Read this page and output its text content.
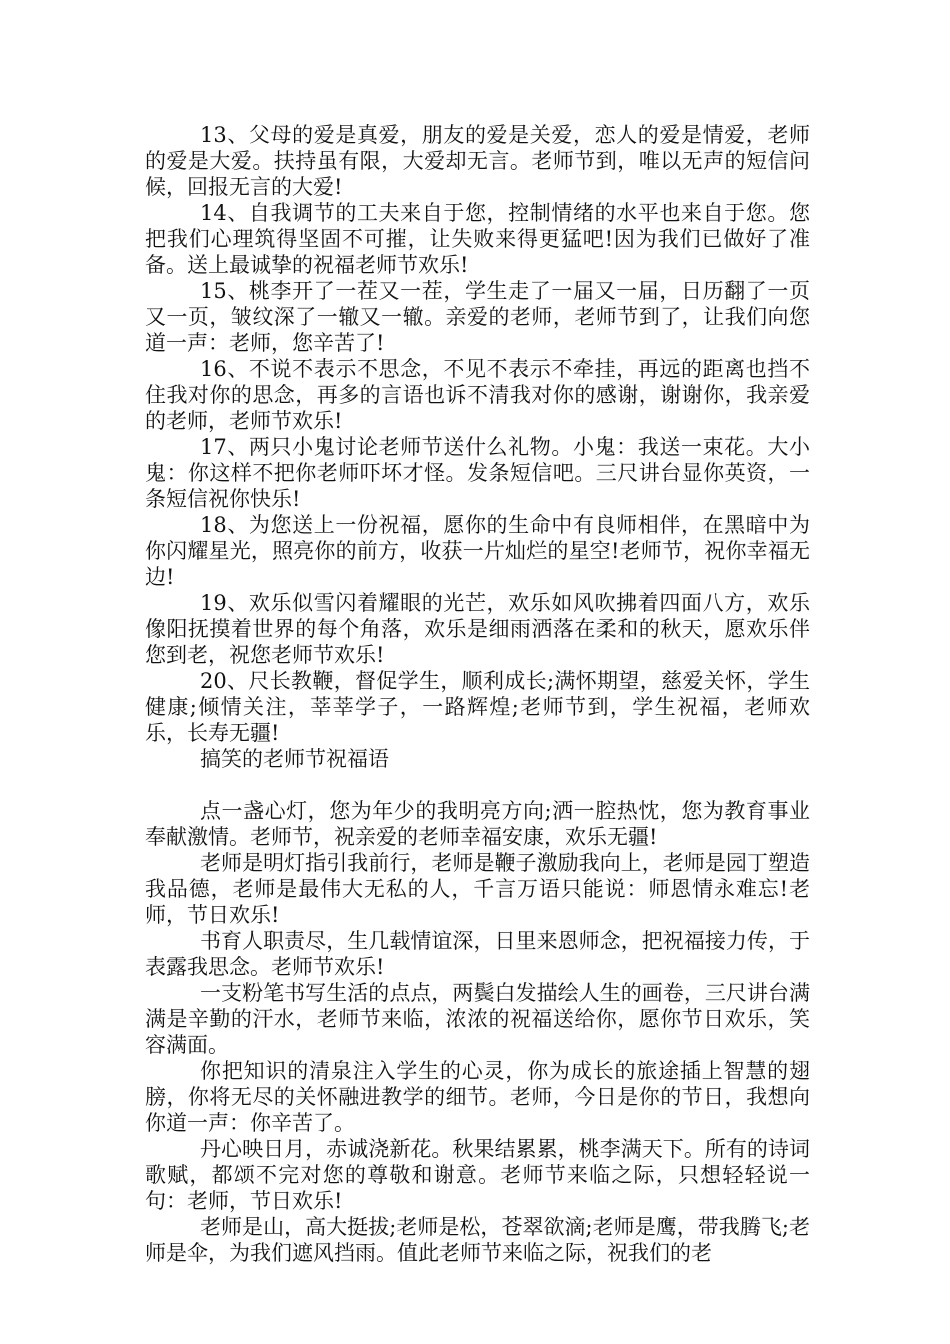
13、父母的爱是真爱，朋友的爱是关爱，恋人的爱是情爱，老师的爱是大爱。扶持虽有限，大爱却无言。老师节到，唯以无声的短信问候，回报无言的大爱!

14、自我调节的工夫来自于您，控制情绪的水平也来自于您。您把我们心理筑得坚固不可摧，让失败来得更猛吧!因为我们已做好了准备。送上最诚挚的祝福老师节欢乐!

15、桃李开了一茬又一茬，学生走了一届又一届，日历翻了一页又一页，皱纹深了一辙又一辙。亲爱的老师，老师节到了，让我们向您道一声：老师，您辛苦了!

16、不说不表示不思念，不见不表示不牵挂，再远的距离也挡不住我对你的思念，再多的言语也诉不清我对你的感谢，谢谢你，我亲爱的老师，老师节欢乐!

17、两只小鬼讨论老师节送什么礼物。小鬼：我送一束花。大小鬼：你这样不把你老师吓坏才怪。发条短信吧。三尺讲台显你英资，一条短信祝你快乐!

18、为您送上一份祝福，愿你的生命中有良师相伴，在黑暗中为你闪耀星光，照亮你的前方，收获一片灿烂的星空!老师节，祝你幸福无边!

19、欢乐似雪闪着耀眼的光芒，欢乐如风吹拂着四面八方，欢乐像阳抚摸着世界的每个角落，欢乐是细雨洒落在柔和的秋天，愿欢乐伴您到老，祝您老师节欢乐!

20、尺长教鞭，督促学生，顺利成长;满怀期望，慈爱关怀，学生健康;倾情关注，莘莘学子，一路辉煌;老师节到，学生祝福，老师欢乐，长寿无疆!

搞笑的老师节祝福语

点一盏心灯，您为年少的我明亮方向;洒一腔热忱，您为教育事业奉献激情。老师节，祝亲爱的老师幸福安康，欢乐无疆!

老师是明灯指引我前行，老师是鞭子激励我向上，老师是园丁塑造我品德，老师是最伟大无私的人，千言万语只能说：师恩情永难忘!老师，节日欢乐!

书育人职责尽，生几载情谊深，日里来恩师念，把祝福接力传，于表露我思念。老师节欢乐!

一支粉笔书写生活的点点，两鬓白发描绘人生的画卷，三尺讲台满满是辛勤的汗水，老师节来临，浓浓的祝福送给你，愿你节日欢乐，笑容满面。

你把知识的清泉注入学生的心灵，你为成长的旅途插上智慧的翅膀，你将无尽的关怀融进教学的细节。老师，今日是你的节日，我想向你道一声：你辛苦了。

丹心映日月，赤诚浇新花。秋果结累累，桃李满天下。所有的诗词歌赋，都颂不完对您的尊敬和谢意。老师节来临之际，只想轻轻说一句：老师，节日欢乐!

老师是山，高大挺拔;老师是松，苍翠欲滴;老师是鹰，带我腾飞;老师是伞，为我们遮风挡雨。值此老师节来临之际，祝我们的老
